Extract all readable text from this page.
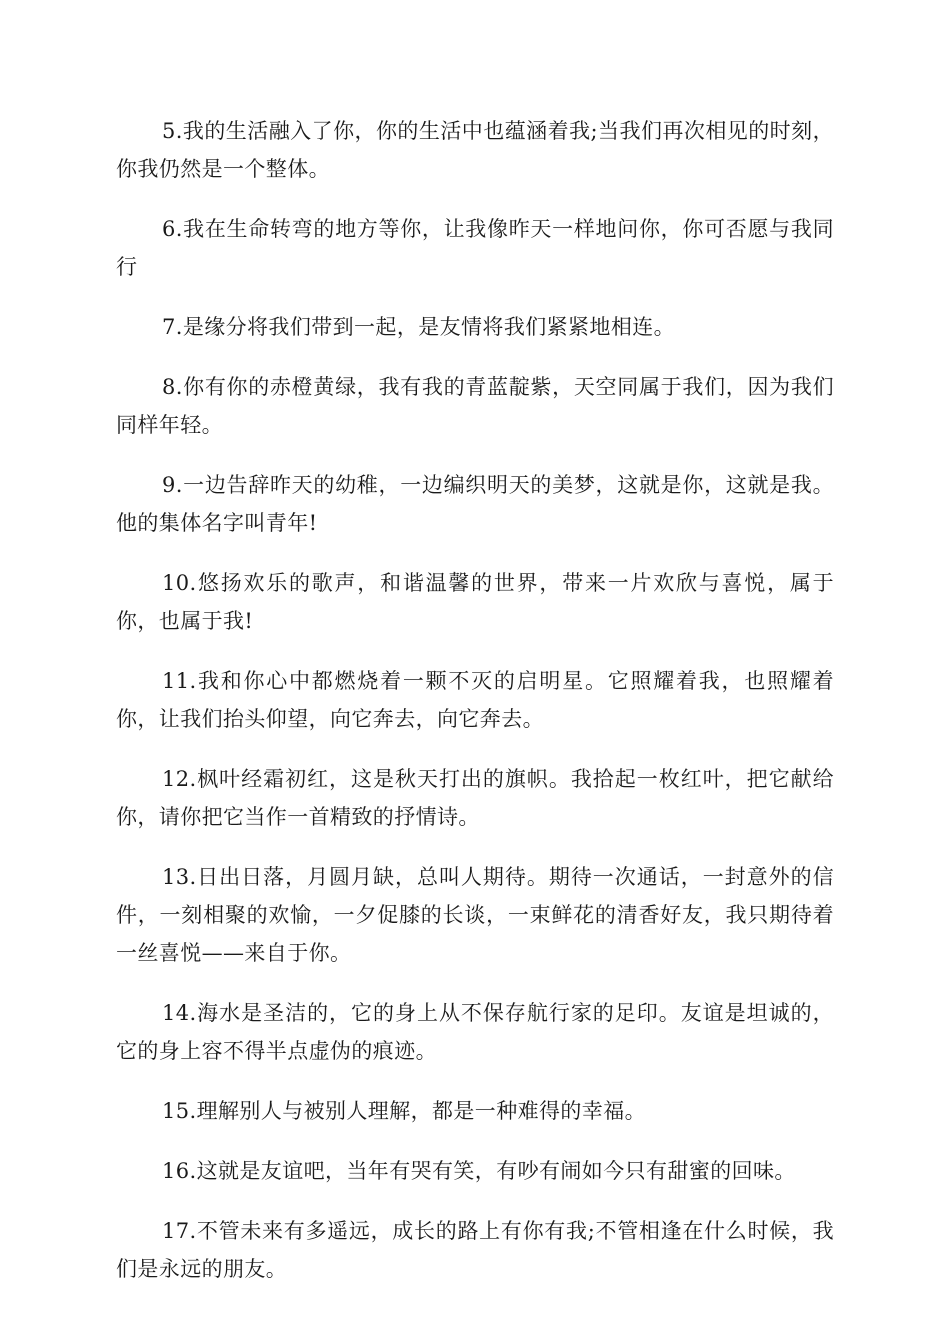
5.我的生活融入了你，你的生活中也蕴涵着我;当我们再次相见的时刻，你我仍然是一个整体。

6.我在生命转弯的地方等你，让我像昨天一样地问你，你可否愿与我同行

7.是缘分将我们带到一起，是友情将我们紧紧地相连。

8.你有你的赤橙黄绿，我有我的青蓝靛紫，天空同属于我们，因为我们同样年轻。

9.一边告辞昨天的幼稚，一边编织明天的美梦，这就是你，这就是我。他的集体名字叫青年!

10.悠扬欢乐的歌声，和谐温馨的世界，带来一片欢欣与喜悦，属于你，也属于我!

11.我和你心中都燃烧着一颗不灭的启明星。它照耀着我，也照耀着你，让我们抬头仰望，向它奔去，向它奔去。

12.枫叶经霜初红，这是秋天打出的旗帜。我拾起一枚红叶，把它献给你，请你把它当作一首精致的抒情诗。

13.日出日落，月圆月缺，总叫人期待。期待一次通话，一封意外的信件，一刻相聚的欢愉，一夕促膝的长谈，一束鲜花的清香好友，我只期待着一丝喜悦——来自于你。

14.海水是圣洁的，它的身上从不保存航行家的足印。友谊是坦诚的，它的身上容不得半点虚伪的痕迹。

15.理解别人与被别人理解，都是一种难得的幸福。

16.这就是友谊吧，当年有哭有笑，有吵有闹如今只有甜蜜的回味。

17.不管未来有多遥远，成长的路上有你有我;不管相逢在什么时候，我们是永远的朋友。
